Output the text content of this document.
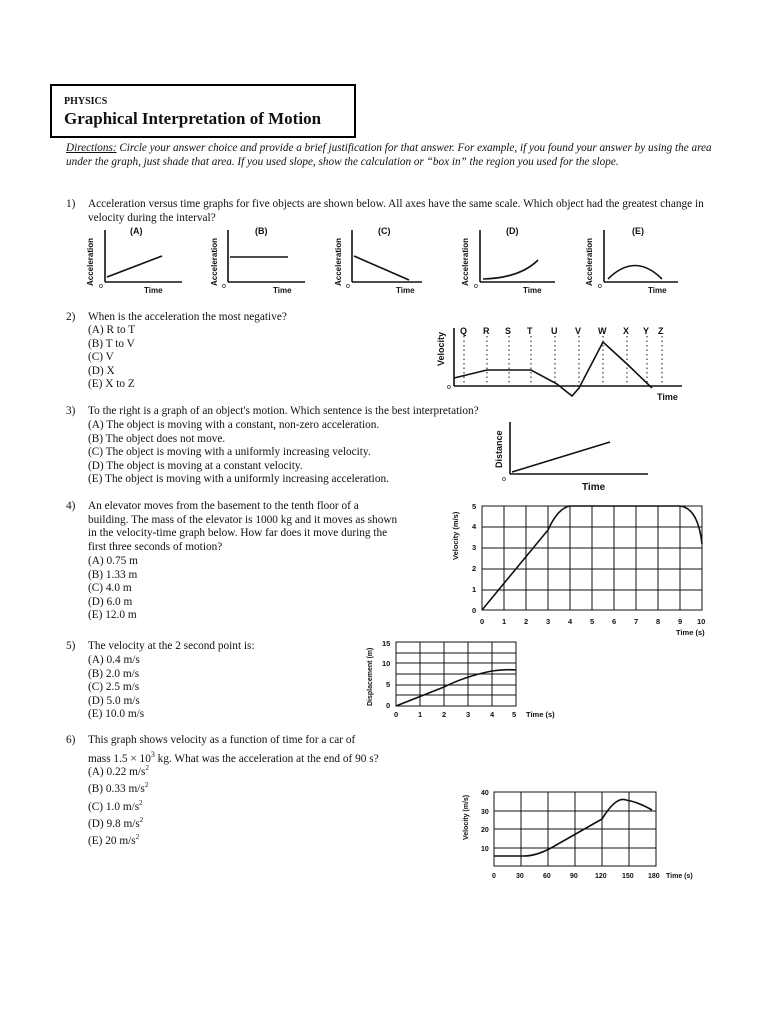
PHYSICS
Graphical Interpretation of Motion
Directions: Circle your answer choice and provide a brief justification for that answer. For example, if you found your answer by using the area under the graph, just shade that area. If you used slope, show the calculation or “box in” the region you used for the slope.
1) Acceleration versus time graphs for five objects are shown below. All axes have the same scale. Which object had the greatest change in velocity during the interval?
(A)
Acceleration
Time
o
(B)
Acceleration
Time
o
(C)
Acceleration
Time
o
(D)
Acceleration
Time
o
(E)
Acceleration
Time
o
2) When is the acceleration the most negative?
(A) R to T
(B) T to V
(C) V
(D) X
(E) X to Z
Q R S T U V W X Y Z
Velocity
Time
o
3) To the right is a graph of an object's motion. Which sentence is the best interpretation?
(A) The object is moving with a constant, non-zero acceleration.
(B) The object does not move.
(C) The object is moving with a uniformly increasing velocity.
(D) The object is moving at a constant velocity.
(E) The object is moving with a uniformly increasing acceleration.
Distance
Time
o
4) An elevator moves from the basement to the tenth floor of a
building. The mass of the elevator is 1000 kg and it moves as shown
in the velocity-time graph below. How far does it move during the
first three seconds of motion?
(A) 0.75 m
(B) 1.33 m
(C) 4.0 m
(D) 6.0 m
(E) 12.0 m
0 1 2 3 4 5 6 7 8 9 10
0
1
2
3
4
5
Velocity (m/s)
Time (s)
5) The velocity at the 2 second point is:
(A) 0.4 m/s
(B) 2.0 m/s
(C) 2.5 m/s
(D) 5.0 m/s
(E) 10.0 m/s	0	1	2	3	4 5
0
5
10
15
Displacement (m)
Time (s)
6) This graph shows velocity as a function of time for a car of
mass $1.5 \times 10^3$ kg. What was the acceleration at the end of 90 s?
(A) 0.22 $m/s^2$
(B) 0.33 $m/s^2$
(C) 1.0 $m/s^2$
(D) 9.8 $m/s^2$
(E) 20 $m/s^2$
0	30	60	90 120 150 180
10
20
30
40
Velocity (m/s)
Time (s)
